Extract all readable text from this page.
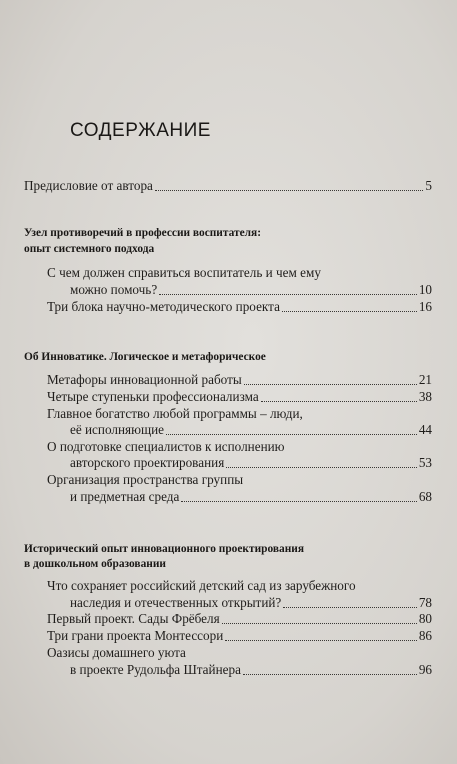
СОДЕРЖАНИЕ
Предисловие от автора	5
Узел противоречий в профессии воспитателя:
опыт системного подхода
С чем должен справиться воспитатель и чем ему
можно помочь?	10
Три блока научно-методического проекта	16
Об Инноватике. Логическое и метафорическое
Метафоры инновационной работы	21
Четыре ступеньки профессионализма	38
Главное богатство любой программы – люди,
её исполняющие	44
О подготовке специалистов к исполнению
авторского проектирования	53
Организация пространства группы
и предметная среда	68
Исторический опыт инновационного проектирования
в дошкольном образовании
Что сохраняет российский детский сад из зарубежного
наследия и отечественных открытий?	78
Первый проект. Сады Фрёбеля	80
Три грани проекта Монтессори	86
Оазисы домашнего уюта
в проекте Рудольфа Штайнера	96
